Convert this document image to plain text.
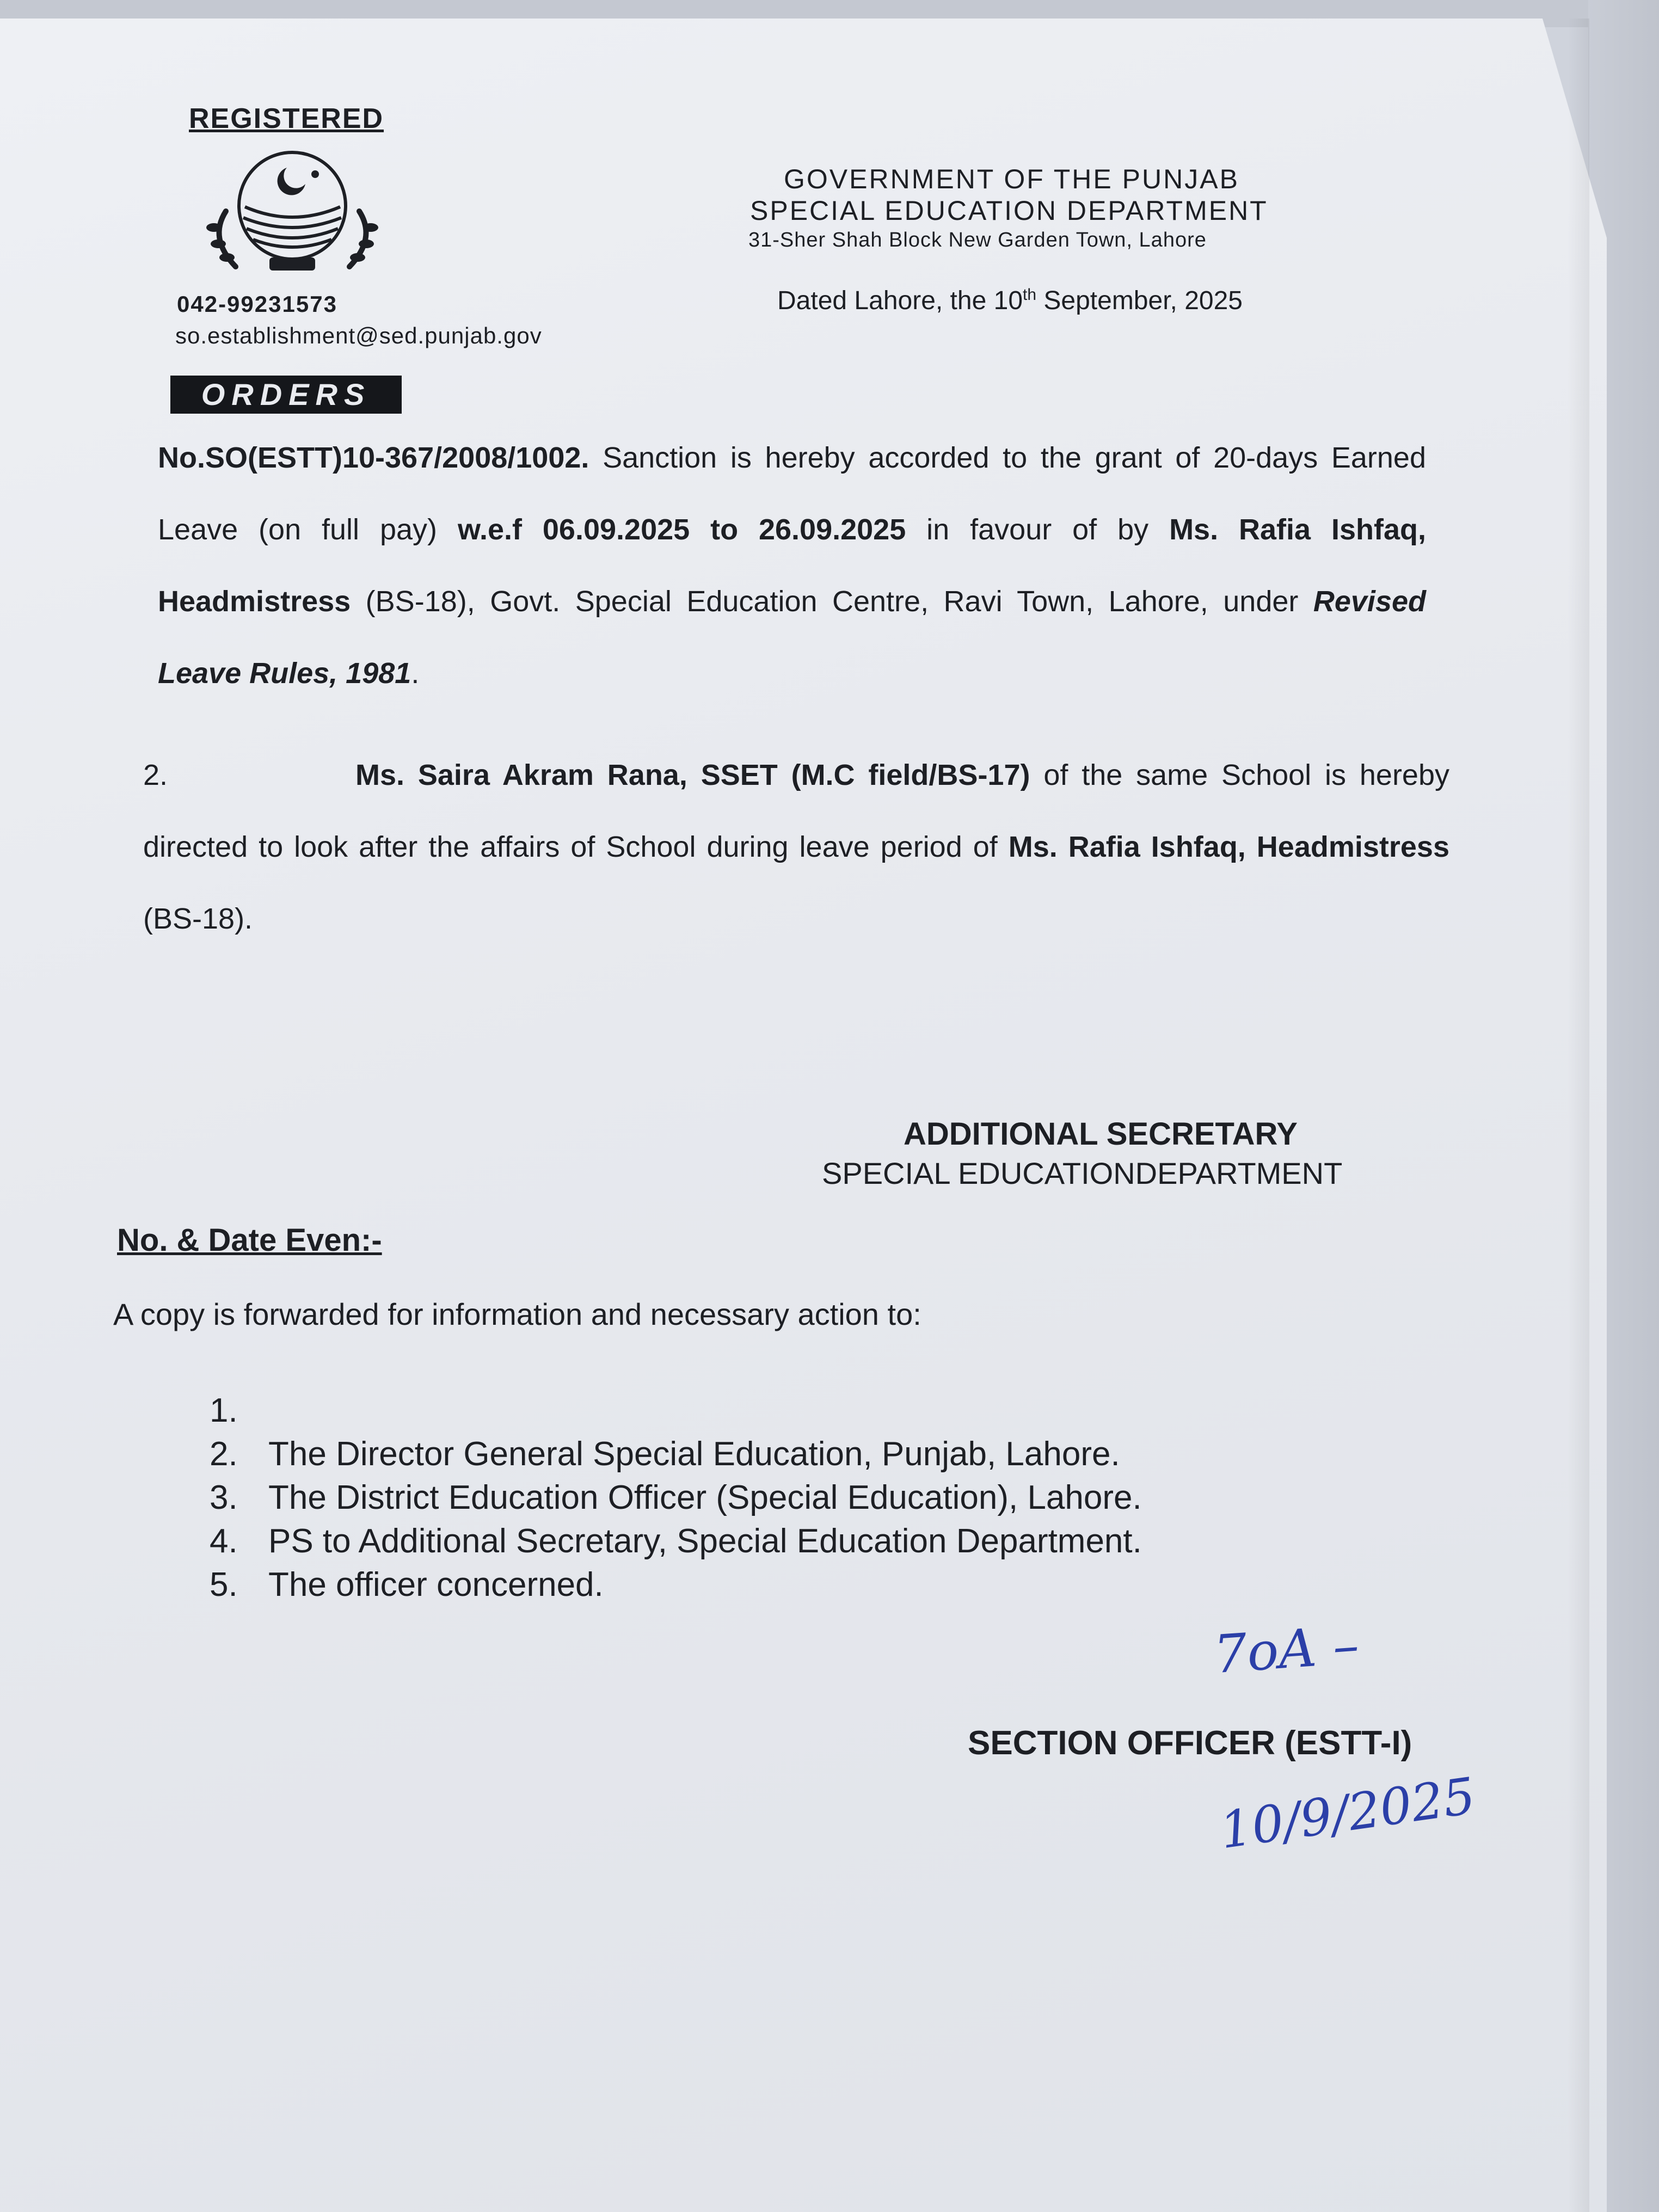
REGISTERED
042-99231573
so.establishment@sed.punjab.gov
ORDERS
GOVERNMENT OF THE PUNJAB
SPECIAL EDUCATION DEPARTMENT
31-Sher Shah Block New Garden Town, Lahore
Dated Lahore, the 10th September, 2025
No.SO(ESTT)10-367/2008/1002. Sanction is hereby accorded to the grant of 20-days Earned Leave (on full pay) w.e.f 06.09.2025 to 26.09.2025 in favour of by Ms. Rafia Ishfaq, Headmistress (BS-18), Govt. Special Education Centre, Ravi Town, Lahore, under Revised Leave Rules, 1981.
2.	Ms. Saira Akram Rana, SSET (M.C field/BS-17) of the same School is hereby directed to look after the affairs of School during leave period of Ms. Rafia Ishfaq, Headmistress (BS-18).
ADDITIONAL SECRETARY
SPECIAL EDUCATIONDEPARTMENT
No. & Date Even:-
A copy is forwarded for information and necessary action to:
1.
2. The Director General Special Education, Punjab, Lahore.
3. The District Education Officer (Special Education), Lahore.
4. PS to Additional Secretary, Special Education Department.
5. The officer concerned.
7oA –
SECTION OFFICER (ESTT-I)
10/9/2025
